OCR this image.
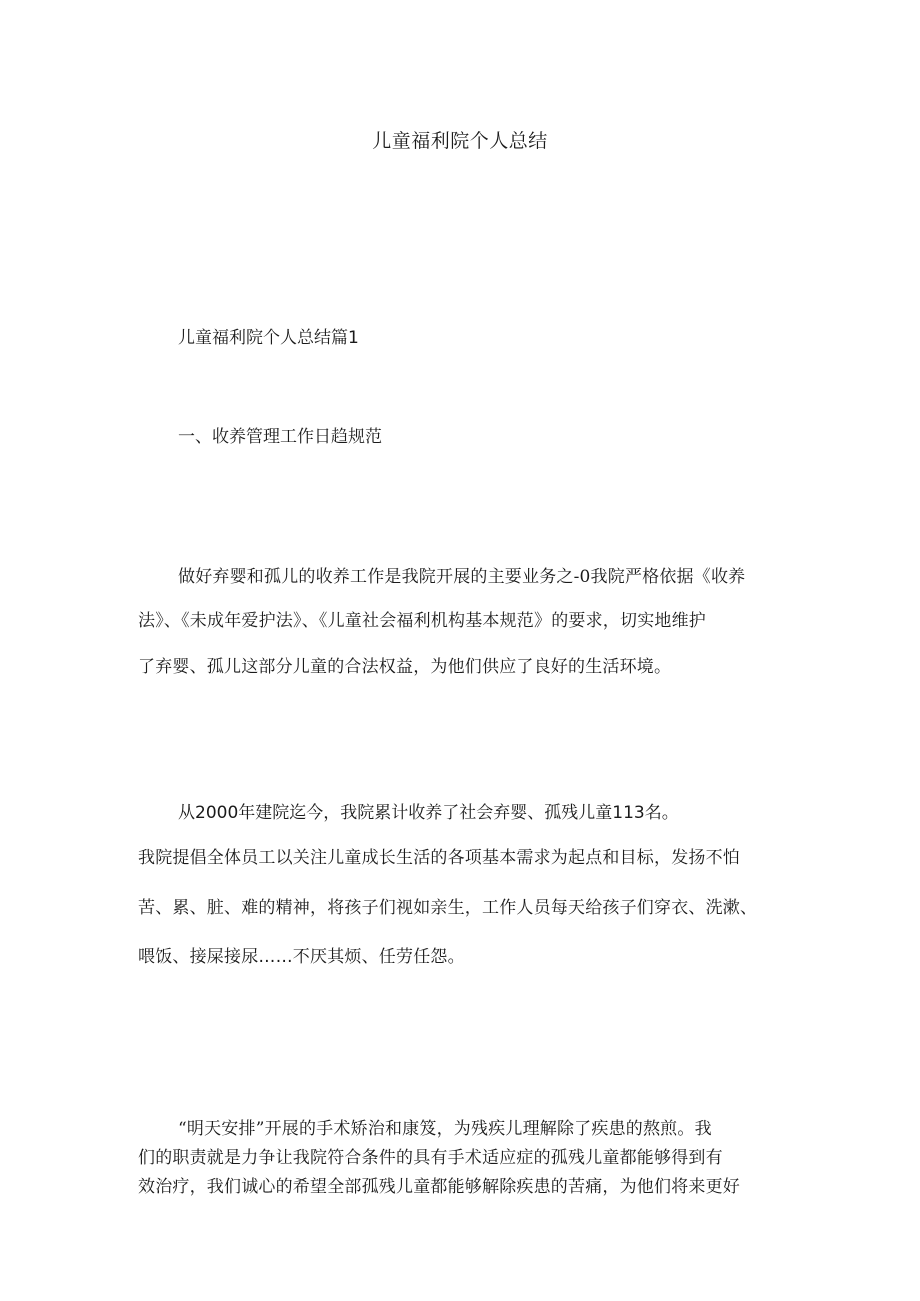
儿童福利院个人总结
儿童福利院个人总结篇1
一、收养管理工作日趋规范
做好弃婴和孤儿的收养工作是我院开展的主要业务之-0我院严格依据《收养
法》、《未成年爱护法》、《儿童社会福利机构基本规范》的要求，切实地维护
了弃婴、孤儿这部分儿童的合法权益，为他们供应了良好的生活环境。
从2000年建院迄今，我院累计收养了社会弃婴、孤残儿童113名。
我院提倡全体员工以关注儿童成长生活的各项基本需求为起点和目标，发扬不怕
苦、累、脏、难的精神，将孩子们视如亲生，工作人员每天给孩子们穿衣、洗漱、
喂饭、接屎接尿……不厌其烦、任劳任怨。
“明天安排”开展的手术矫治和康笈，为残疾儿理解除了疾患的熬煎。我
们的职责就是力争让我院符合条件的具有手术适应症的孤残儿童都能够得到有
效治疗，我们诚心的希望全部孤残儿童都能够解除疾患的苦痛，为他们将来更好
